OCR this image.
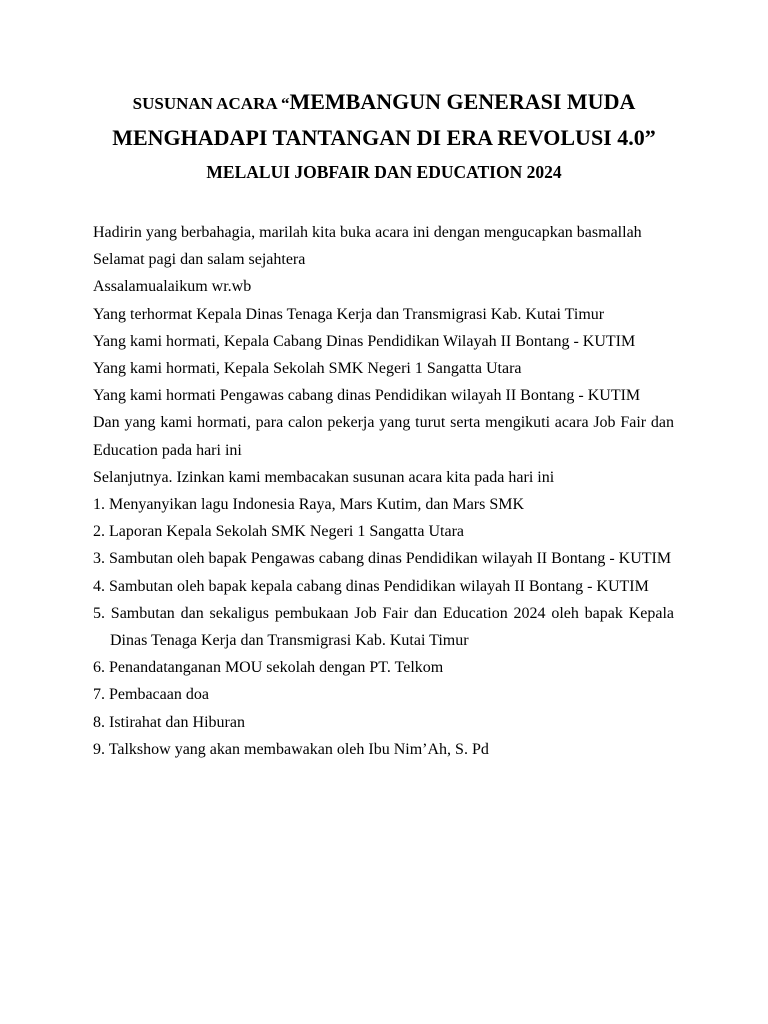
SUSUNAN ACARA “MEMBANGUN GENERASI MUDA
MENGHADAPI TANTANGAN DI ERA REVOLUSI 4.0”
MELALUI JOBFAIR DAN EDUCATION 2024

Hadirin yang berbahagia, marilah kita buka acara ini dengan mengucapkan basmallah

Selamat pagi dan salam sejahtera

Assalamualaikum wr.wb

Yang terhormat Kepala Dinas Tenaga Kerja dan Transmigrasi Kab. Kutai Timur

Yang kami hormati, Kepala Cabang Dinas Pendidikan Wilayah II Bontang - KUTIM

Yang kami hormati, Kepala Sekolah SMK Negeri 1 Sangatta Utara

Yang kami hormati Pengawas cabang dinas Pendidikan wilayah II Bontang - KUTIM

Dan yang kami hormati, para calon pekerja yang turut serta mengikuti acara Job Fair dan Education pada hari ini

Selanjutnya. Izinkan kami membacakan susunan acara kita pada hari ini

1. Menyanyikan lagu Indonesia Raya, Mars Kutim, dan Mars SMK

2. Laporan Kepala Sekolah SMK Negeri 1 Sangatta Utara

3. Sambutan oleh bapak Pengawas cabang dinas Pendidikan wilayah II Bontang - KUTIM

4. Sambutan oleh bapak kepala cabang dinas Pendidikan wilayah II Bontang - KUTIM

5. Sambutan dan sekaligus pembukaan Job Fair dan Education 2024 oleh bapak Kepala Dinas Tenaga Kerja dan Transmigrasi Kab. Kutai Timur

6. Penandatanganan MOU sekolah dengan PT. Telkom

7. Pembacaan doa

8. Istirahat dan Hiburan

9. Talkshow yang akan membawakan oleh Ibu Nim’Ah, S. Pd
